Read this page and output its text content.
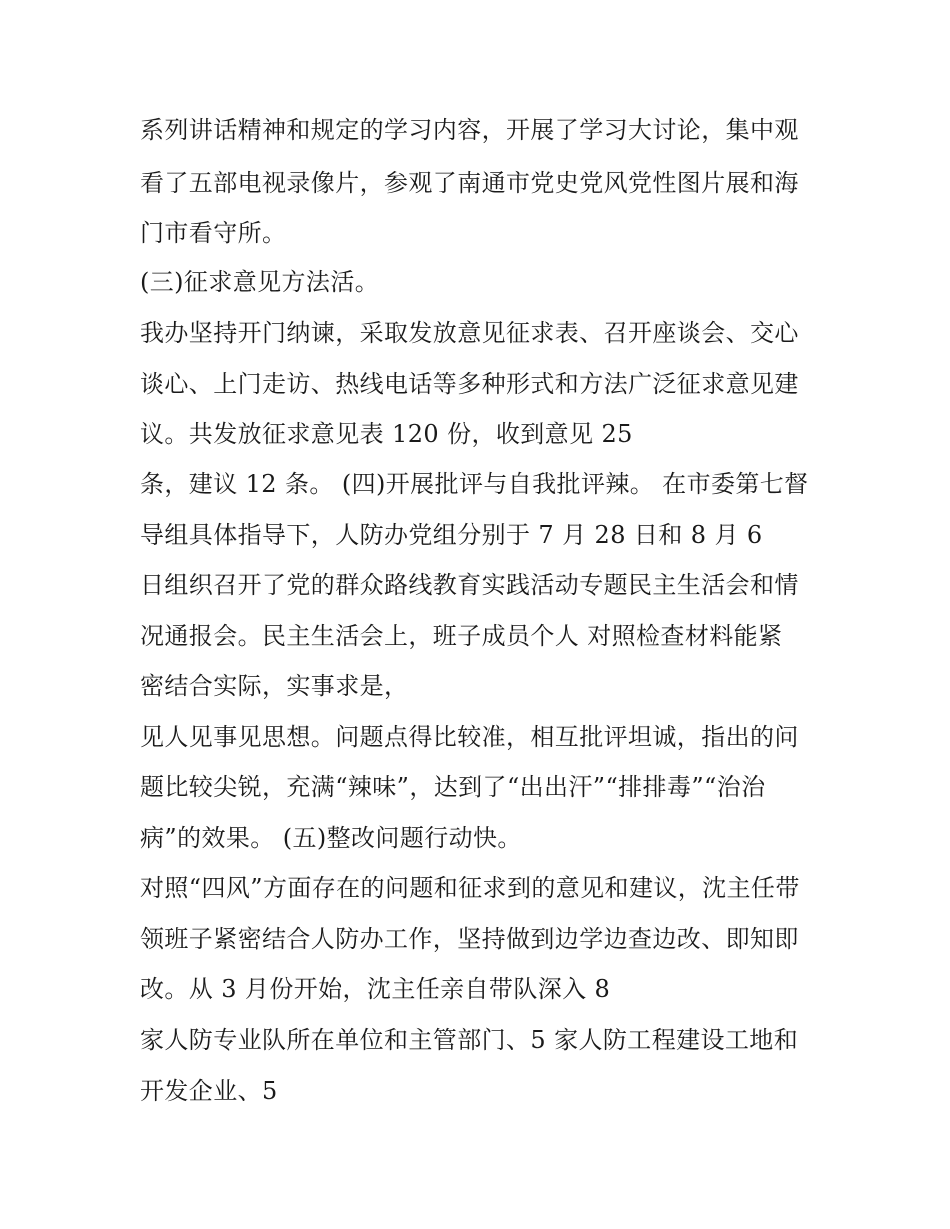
系列讲话精神和规定的学习内容，开展了学习大讨论，集中观
看了五部电视录像片，参观了南通市党史党风党性图片展和海
门市看守所。
(三)征求意见方法活。
我办坚持开门纳谏，采取发放意见征求表、召开座谈会、交心
谈心、上门走访、热线电话等多种形式和方法广泛征求意见建
议。共发放征求意见表 120 份，收到意见 25
条，建议 12 条。 (四)开展批评与自我批评辣。 在市委第七督
导组具体指导下，人防办党组分别于 7 月 28 日和 8 月 6
日组织召开了党的群众路线教育实践活动专题民主生活会和情
况通报会。民主生活会上，班子成员个人 对照检查材料能紧
密结合实际，实事求是，
见人见事见思想。问题点得比较准，相互批评坦诚，指出的问
题比较尖锐，充满“辣味”，达到了“出出汗”“排排毒”“治治
病”的效果。 (五)整改问题行动快。
对照“四风”方面存在的问题和征求到的意见和建议，沈主任带
领班子紧密结合人防办工作，坚持做到边学边查边改、即知即
改。从 3 月份开始，沈主任亲自带队深入 8
家人防专业队所在单位和主管部门、5 家人防工程建设工地和
开发企业、5
